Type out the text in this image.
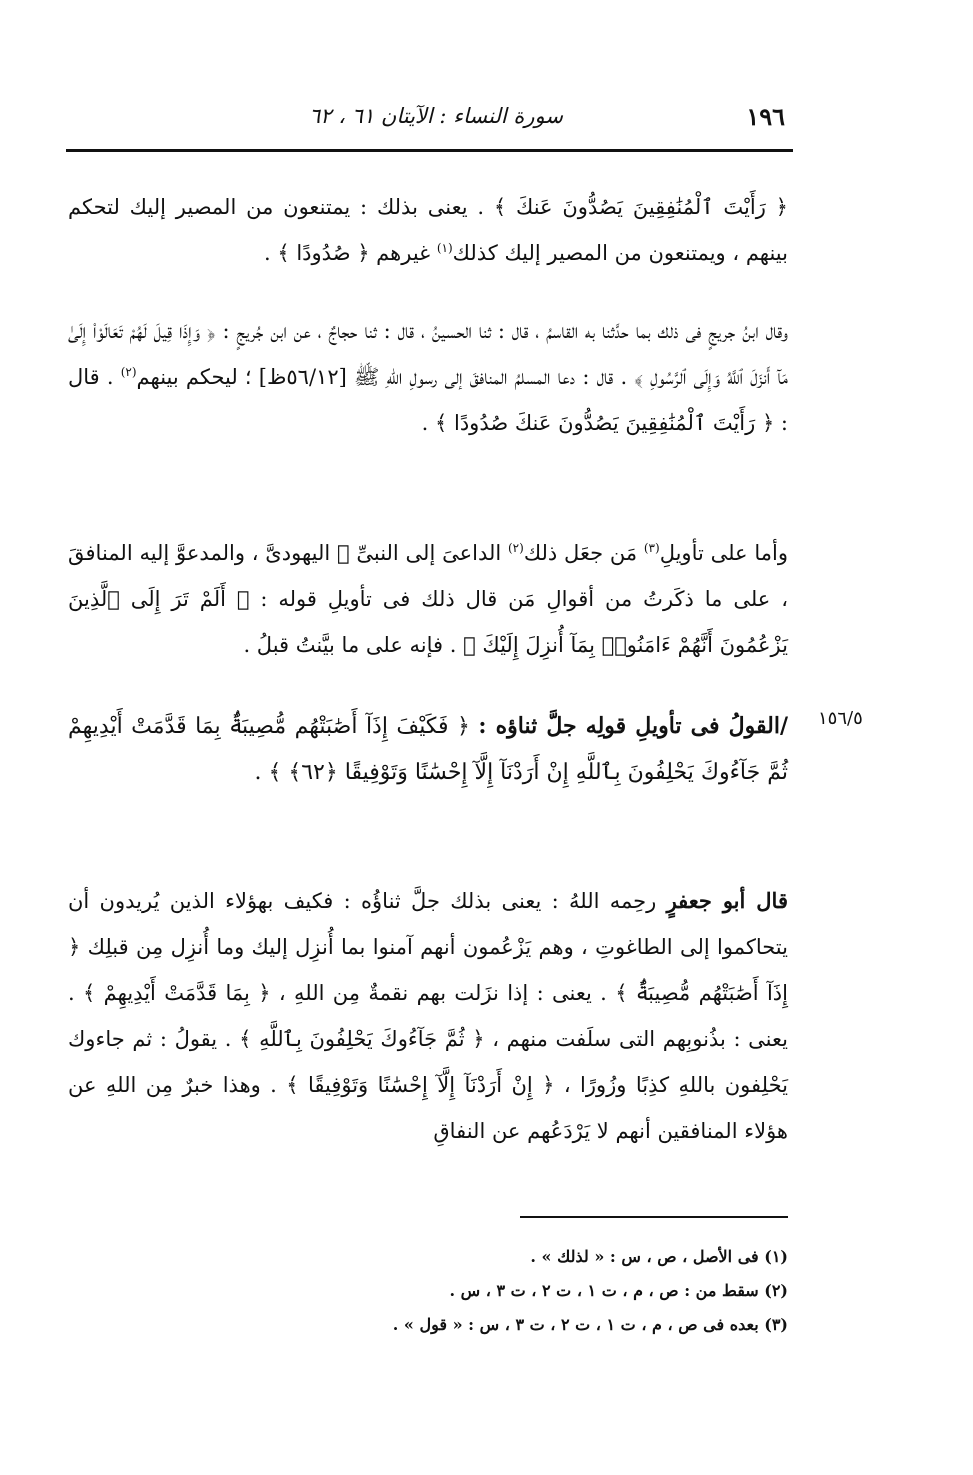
١٩٦
سورة النساء : الآيتان ٦١ ، ٦٢
﴿ رَأَيْتَ ٱلْمُنَٰفِقِينَ يَصُدُّونَ عَنكَ ﴾ . يعنى بذلك : يمتنعون من المصير إليك لتحكم بينهم ، ويمتنعون من المصير إليك كذلك$^{(١)}$ غيرهم ﴿ صُدُودًا ﴾ .
وقال ابنُ جريجٍ فى ذلك بما حدَّثنا به القاسمُ ، قال : ثنا الحسينُ ، قال : ثنا حجاجٌ ، عن ابن جُريجٍ : ﴿ وَإِذَا قِيلَ لَهُمْ تَعَالَوْا۟ إِلَىٰ مَآ أَنزَلَ ٱللَّهُ وَإِلَى ٱلرَّسُولِ ﴾ . قال : دعا المسلمُ المنافقَ إلى رسولِ اللهِ ﷺ [٥٦/١٢ظ] ؛ ليحكم بينهم$^{(٢)}$ . قال : ﴿ رَأَيْتَ ٱلْمُنَٰفِقِينَ يَصُدُّونَ عَنكَ صُدُودًا ﴾ .
وأما على تأويلِ$^{(٣)}$ مَن جعَل ذلك$^{(٢)}$ الداعىَ إلى النبىِّ ﷺ اليهودىَّ ، والمدعوَّ إليه المنافقَ ، على ما ذكَرتُ من أقوالِ مَن قال ذلك فى تأويلِ قوله : ﴿ أَلَمْ تَرَ إِلَى ٱلَّذِينَ يَزْعُمُونَ أَنَّهُمْ ءَامَنُوا۟ بِمَآ أُنزِلَ إِلَيْكَ ﴾ . فإنه على ما بيَّنتُ قبلُ .
/القولُ فى تأويلِ قولِه جلَّ ثناؤه : ﴿ فَكَيْفَ إِذَآ أَصَٰبَتْهُم مُّصِيبَةٌۢ بِمَا قَدَّمَتْ أَيْدِيهِمْ ثُمَّ جَآءُوكَ يَحْلِفُونَ بِٱللَّهِ إِنْ أَرَدْنَآ إِلَّآ إِحْسَٰنًا وَتَوْفِيقًا ﴿٦٢﴾ ﴾ .
١٥٦/٥
قال أبو جعفرٍ رحِمه اللهُ : يعنى بذلك جلَّ ثناؤُه : فكيف بهؤلاء الذين يُريدون أن يتحاكموا إلى الطاغوتِ ، وهم يَزْعُمون أنهم آمنوا بما أُنزِل إليك وما أُنزِل مِن قبلِك ﴿ إِذَآ أَصَٰبَتْهُم مُّصِيبَةٌۢ ﴾ . يعنى : إذا نزَلت بهم نقمةٌ مِن اللهِ ، ﴿ بِمَا قَدَّمَتْ أَيْدِيهِمْ ﴾ . يعنى : بذُنوبِهم التى سلَفت منهم ، ﴿ ثُمَّ جَآءُوكَ يَحْلِفُونَ بِٱللَّهِ ﴾ . يقولُ : ثم جاءوك يَحْلِفون باللهِ كذِبًا وزُورًا ، ﴿ إِنْ أَرَدْنَآ إِلَّآ إِحْسَٰنًا وَتَوْفِيقًا ﴾ . وهذا خبرٌ مِن اللهِ عن هؤلاء المنافقين أنهم لا يَرْدَعُهم عن النفاقِ
(١) فى الأصل ، ص ، س : « لذلك » .
(٢) سقط من : ص ، م ، ت ١ ، ت ٢ ، ت ٣ ، س .
(٣) بعده فى ص ، م ، ت ١ ، ت ٢ ، ت ٣ ، س : « قول » .
